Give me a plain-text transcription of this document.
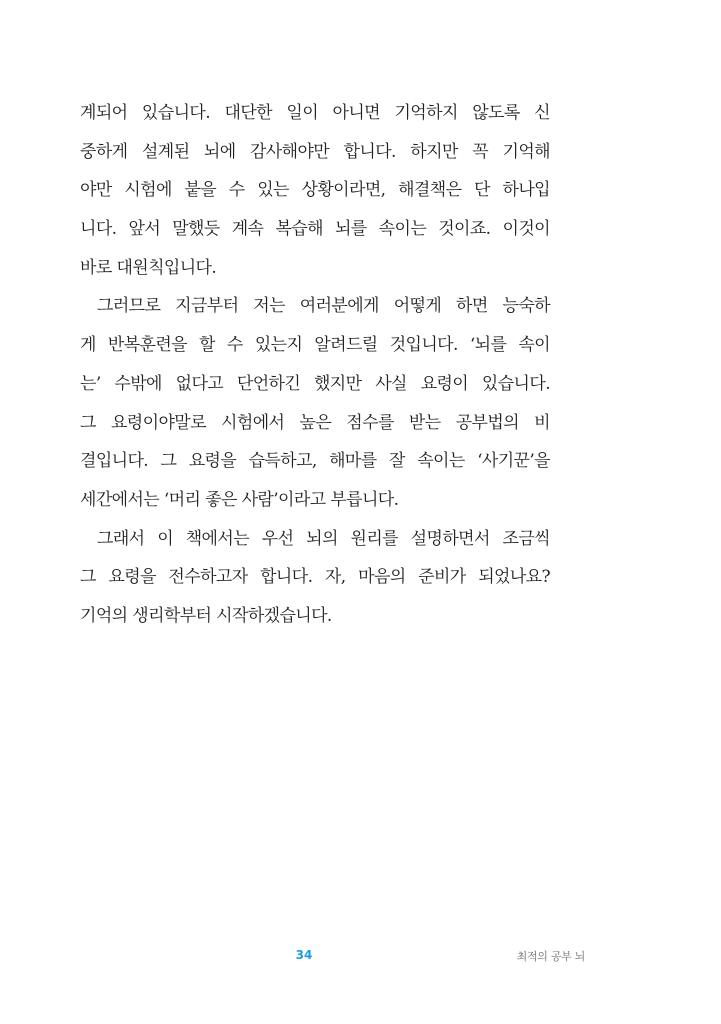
계되어 있습니다. 대단한 일이 아니면 기억하지 않도록 신
중하게 설계된 뇌에 감사해야만 합니다. 하지만 꼭 기억해
야만 시험에 붙을 수 있는 상황이라면, 해결책은 단 하나입
니다. 앞서 말했듯 계속 복습해 뇌를 속이는 것이죠. 이것이
바로 대원칙입니다.
그러므로 지금부터 저는 여러분에게 어떻게 하면 능숙하
게 반복훈련을 할 수 있는지 알려드릴 것입니다. ‘뇌를 속이
는’ 수밖에 없다고 단언하긴 했지만 사실 요령이 있습니다.
그 요령이야말로 시험에서 높은 점수를 받는 공부법의 비
결입니다. 그 요령을 습득하고, 해마를 잘 속이는 ‘사기꾼’을
세간에서는 ‘머리 좋은 사람’이라고 부릅니다.
그래서 이 책에서는 우선 뇌의 원리를 설명하면서 조금씩
그 요령을 전수하고자 합니다. 자, 마음의 준비가 되었나요?
기억의 생리학부터 시작하겠습니다.
34	최적의 공부 뇌
